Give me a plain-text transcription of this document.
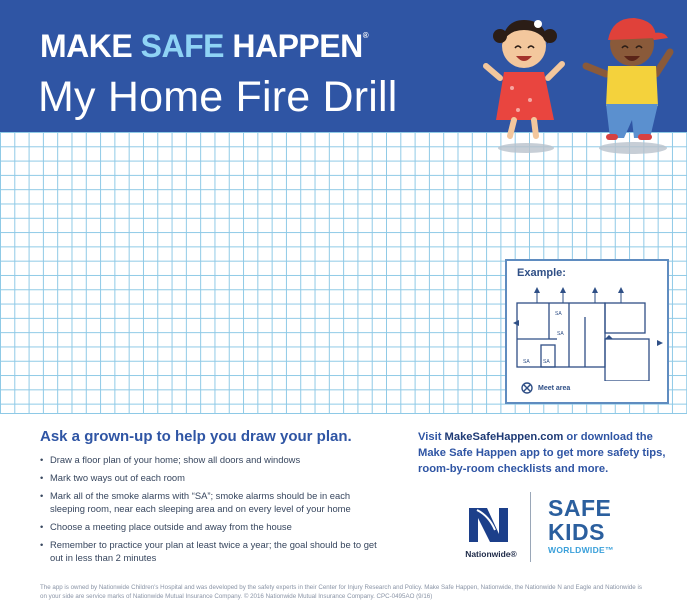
MAKE SAFE HAPPEN®
My Home Fire Drill
Example:
SA
SA
SA	SA
Meet area
Ask a grown-up to help you draw your plan.
• Draw a floor plan of your home; show all doors and windows
• Mark two ways out of each room
• Mark all of the smoke alarms with “SA”; smoke alarms should be in each sleeping room, near each sleeping area and on every level of your home
• Choose a meeting place outside and away from the house
• Remember to practice your plan at least twice a year; the goal should be to get out in less than 2 minutes
Visit MakeSafeHappen.com or download the Make Safe Happen app to get more safety tips, room-by-room checklists and more.
Nationwide®
SAFE
KIDS
WORLDWIDE™
The app is owned by Nationwide Children's Hospital and was developed by the safety experts in their Center for Injury Research and Policy. Make Safe Happen, Nationwide, the Nationwide N and Eagle and Nationwide is on your side are service marks of Nationwide Mutual Insurance Company. © 2016 Nationwide Mutual Insurance Company. CPC-0495AO (9/16)
